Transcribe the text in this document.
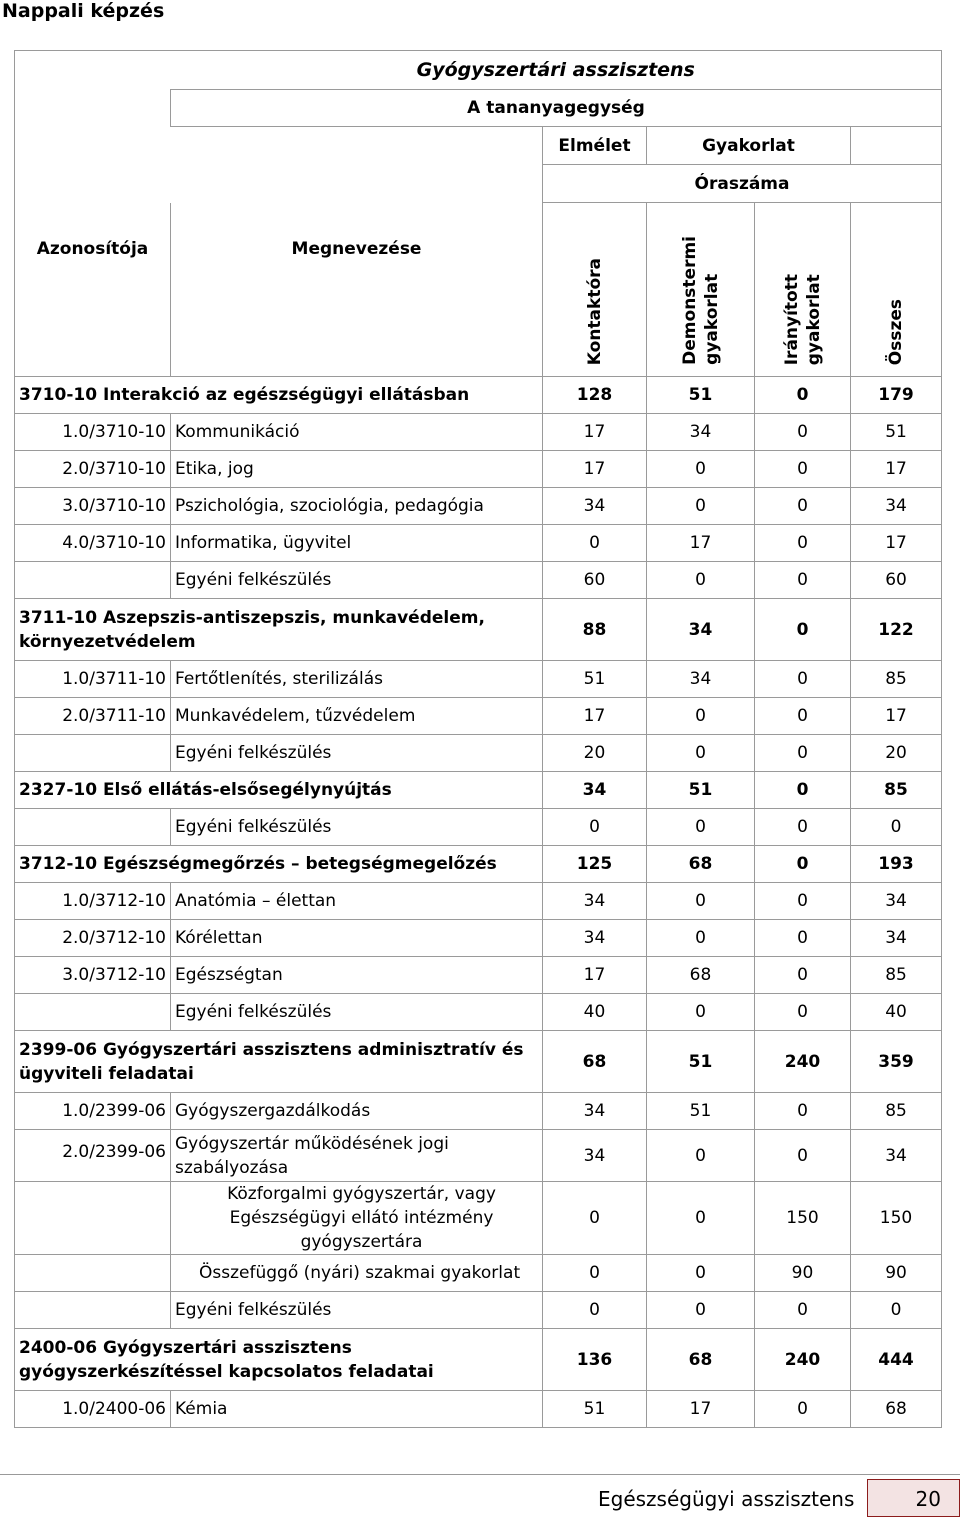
Nappali képzés
	Gyógyszertári asszisztens				
	A tananyagegység				
		Elmélet	Gyakorlat		
		Óraszáma			
Azonosítója	Megnevezése	Kontaktóra	Demonstermi gyakorlat	Irányított gyakorlat	Összes
3710-10 Interakció az egészségügyi ellátásban		128	51	0	179
1.0/3710-10	Kommunikáció	17	34	0	51
2.0/3710-10	Etika, jog	17	0	0	17
3.0/3710-10	Pszichológia, szociológia, pedagógia	34	0	0	34
4.0/3710-10	Informatika, ügyvitel	0	17	0	17
	Egyéni felkészülés	60	0	0	60
3711-10 Aszepszis-antiszepszis, munkavédelem, környezetvédelem		88	34	0	122
1.0/3711-10	Fertőtlenítés, sterilizálás	51	34	0	85
2.0/3711-10	Munkavédelem, tűzvédelem	17	0	0	17
	Egyéni felkészülés	20	0	0	20
2327-10 Első ellátás-elsősegélynyújtás		34	51	0	85
	Egyéni felkészülés	0	0	0	0
3712-10 Egészségmegőrzés – betegségmegelőzés		125	68	0	193
1.0/3712-10	Anatómia – élettan	34	0	0	34
2.0/3712-10	Kórélettan	34	0	0	34
3.0/3712-10	Egészségtan	17	68	0	85
	Egyéni felkészülés	40	0	0	40
2399-06 Gyógyszertári asszisztens adminisztratív és ügyviteli feladatai		68	51	240	359
1.0/2399-06	Gyógyszergazdálkodás	34	51	0	85
2.0/2399-06	Gyógyszertár működésének jogi szabályozása	34	0	0	34
	Közforgalmi gyógyszertár, vagy Egészségügyi ellátó intézmény gyógyszertára	0	0	150	150
	Összefüggő (nyári) szakmai gyakorlat	0	0	90	90
	Egyéni felkészülés	0	0	0	0
2400-06 Gyógyszertári asszisztens gyógyszerkészítéssel kapcsolatos feladatai		136	68	240	444
1.0/2400-06	Kémia	51	17	0	68
Egészségügyi asszisztens	20
